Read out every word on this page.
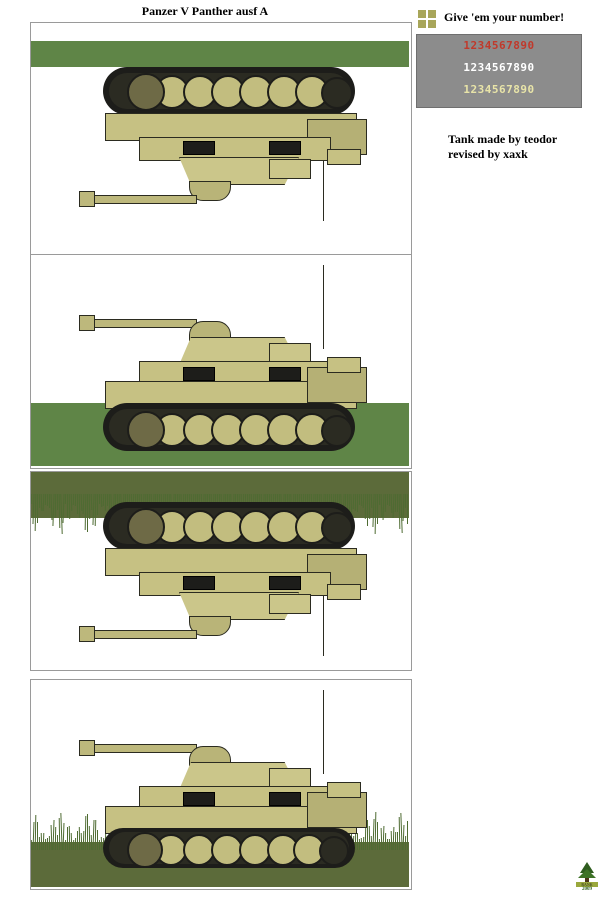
Panzer V Panther ausf A	Give 'em your number!
1234567890
1234567890
1234567890
Tank made by teodor
revised by xaxk
RANK
2009
